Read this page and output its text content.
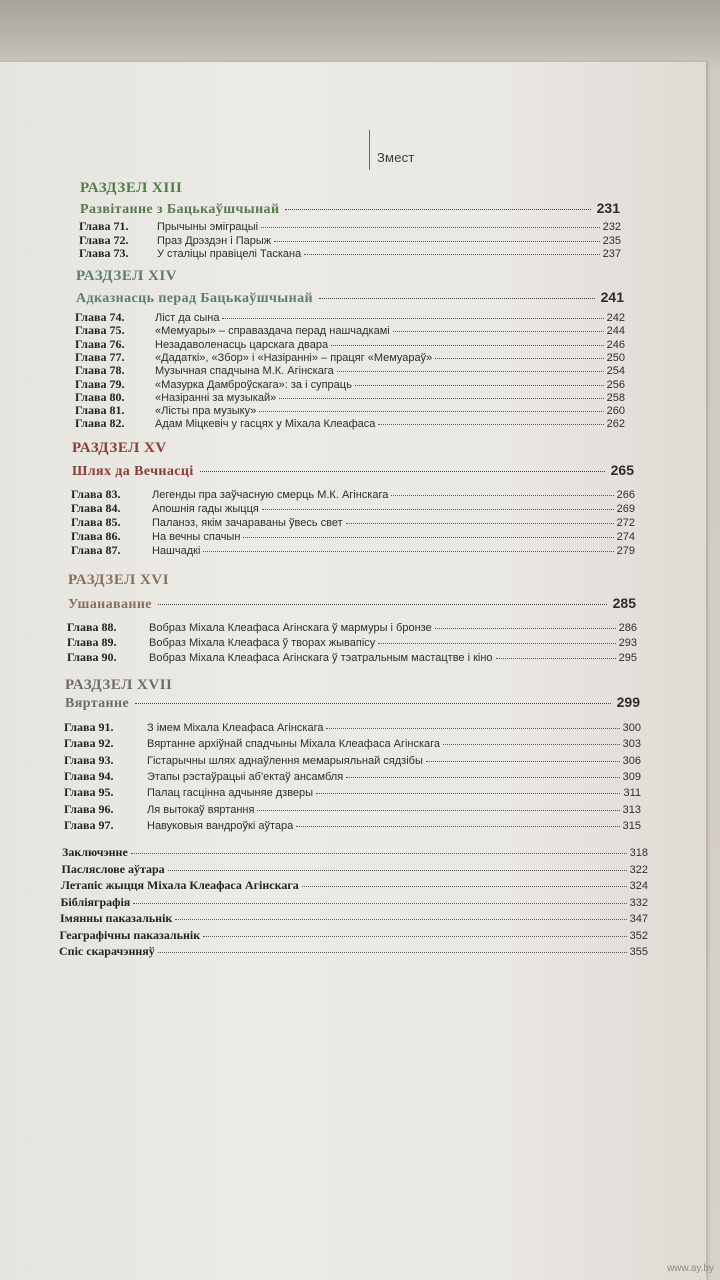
Змест
РАЗДЗЕЛ XIII
Развітанне з Бацькаўшчынай	231
Глава 71.	Прычыны эміграцыі	232
Глава 72.	Праз Дрэздэн і Парыж	235
Глава 73.	У сталіцы правіцелі Таскана	237
РАЗДЗЕЛ XIV
Адказнасць перад Бацькаўшчынай	241
Глава 74.	Ліст да сына	242
Глава 75.	«Мемуары» – справаздача перад нашчадкамі	244
Глава 76.	Незадаволенасць царскага двара	246
Глава 77.	«Дадаткі», «Збор» і «Назіранні» – працяг «Мемуараў»	250
Глава 78.	Музычная спадчына М.К. Агінскага	254
Глава 79.	«Мазурка Дамброўскага»: за і супраць	256
Глава 80.	«Назіранні за музыкай»	258
Глава 81.	«Лісты пра музыку»	260
Глава 82.	Адам Міцкевіч у гасцях у Міхала Клеафаса	262
РАЗДЗЕЛ XV
Шлях да Вечнасці	265
Глава 83.	Легенды пра заўчасную смерць М.К. Агінскага	266
Глава 84.	Апошнія гады жыцця	269
Глава 85.	Паланэз, якім зачараваны ўвесь свет	272
Глава 86.	На вечны спачын	274
Глава 87.	Нашчадкі	279
РАЗДЗЕЛ XVI
Ушанаванне	285
Глава 88.	Вобраз Міхала Клеафаса Агінскага ў мармуры і бронзе	286
Глава 89.	Вобраз Міхала Клеафаса ў творах жывапісу	293
Глава 90.	Вобраз Міхала Клеафаса Агінскага ў тэатральным мастацтве і кіно	295
РАЗДЗЕЛ XVII
Вяртанне	299
Глава 91.	З імем Міхала Клеафаса Агінскага	300
Глава 92.	Вяртанне архіўнай спадчыны Міхала Клеафаса Агінскага	303
Глава 93.	Гістарычны шлях аднаўлення мемарыяльнай сядзібы	306
Глава 94.	Этапы рэстаўрацыі аб'ектаў ансамбля	309
Глава 95.	Палац гасцінна адчыняе дзверы	311
Глава 96.	Ля вытокаў вяртання	313
Глава 97.	Навуковыя вандроўкі аўтара	315
Заключэнне	318
Паслясловe аўтара	322
Летапіс жыцця Міхала Клеафаса Агінскага	324
Бібліяграфія	332
Імянны паказальнік	347
Геаграфічны паказальнік	352
Спіс скарачэнняў	355
www.ay.by
